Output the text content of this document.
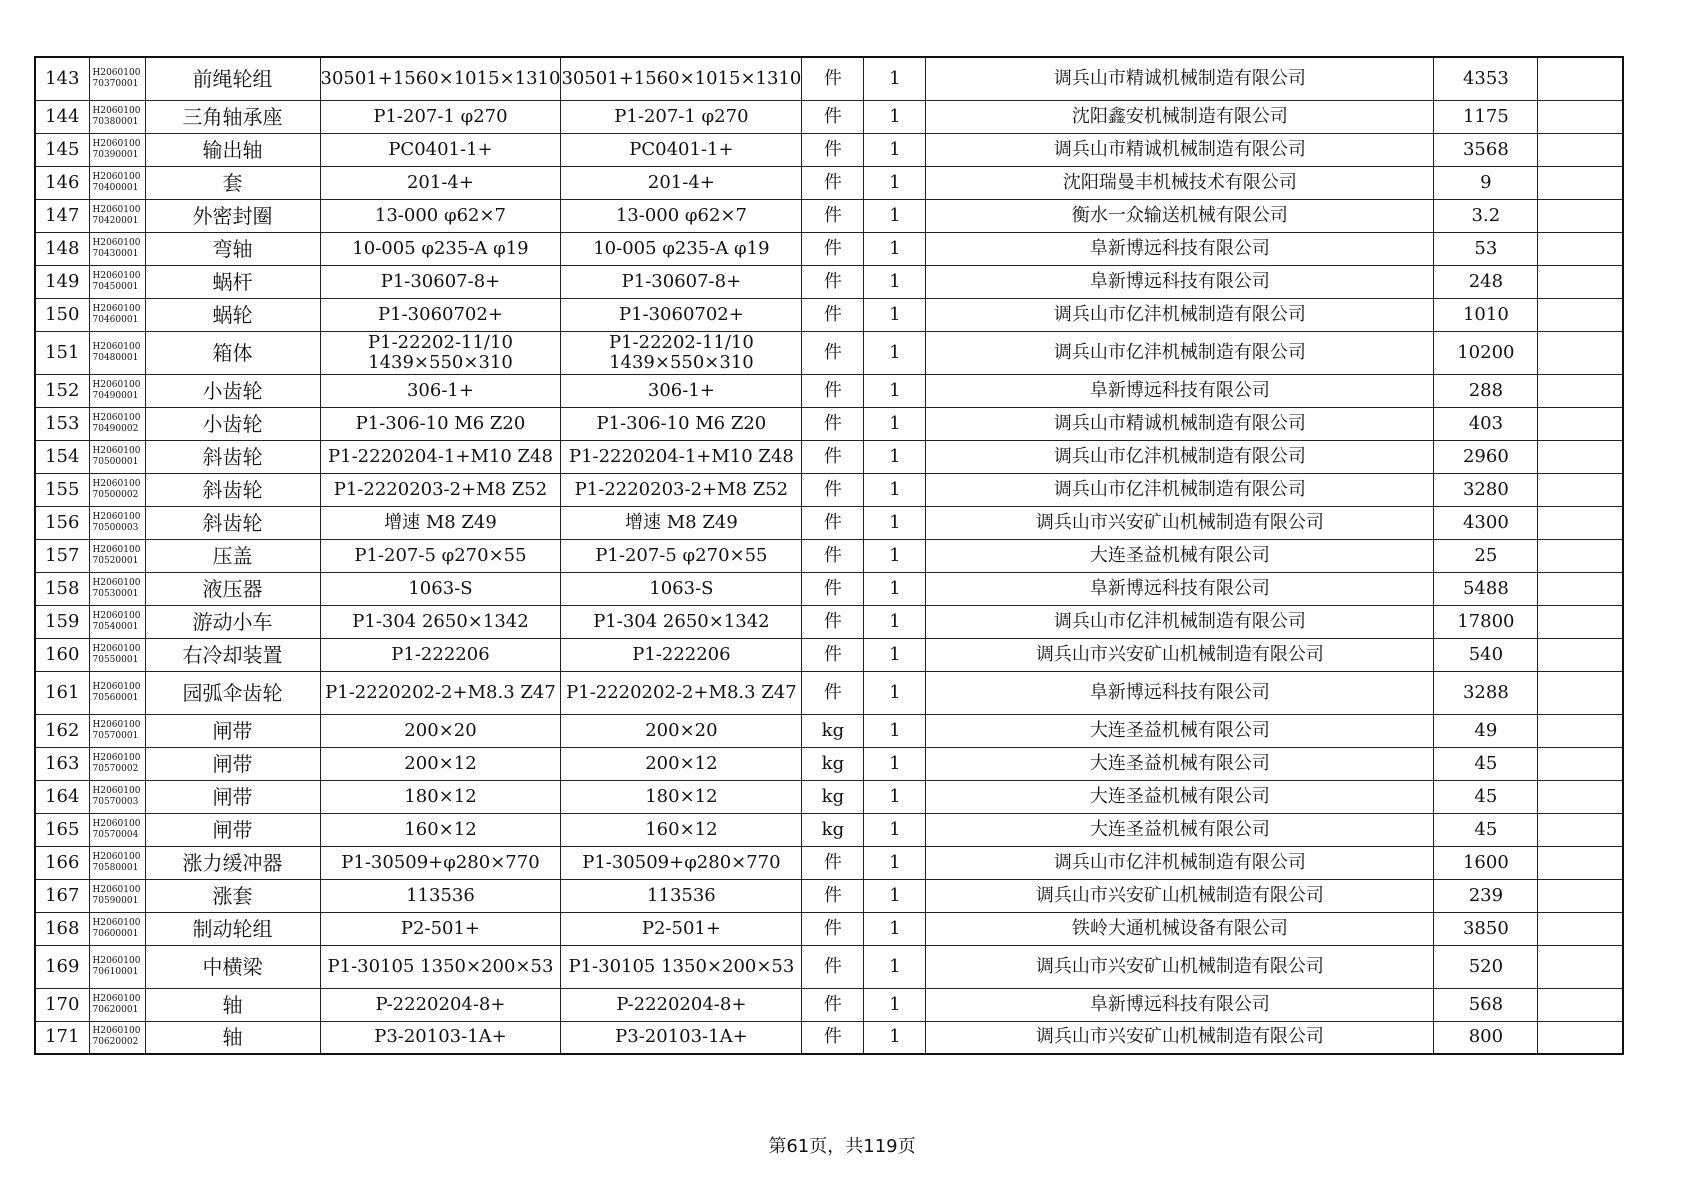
143	H2060100 70370001	前绳轮组	30501+1560×1015×1310	30501+1560×1015×1310	件	1	调兵山市精诚机械制造有限公司	4353	
144	H2060100 70380001	三角轴承座	P1-207-1 φ270	P1-207-1 φ270	件	1	沈阳鑫安机械制造有限公司	1175	
145	H2060100 70390001	输出轴	PC0401-1+	PC0401-1+	件	1	调兵山市精诚机械制造有限公司	3568	
146	H2060100 70400001	套	201-4+	201-4+	件	1	沈阳瑞曼丰机械技术有限公司	9	
147	H2060100 70420001	外密封圈	13-000 φ62×7	13-000 φ62×7	件	1	衡水一众输送机械有限公司	3.2	
148	H2060100 70430001	弯轴	10-005 φ235-A φ19	10-005 φ235-A φ19	件	1	阜新博远科技有限公司	53	
149	H2060100 70450001	蜗杆	P1-30607-8+	P1-30607-8+	件	1	阜新博远科技有限公司	248	
150	H2060100 70460001	蜗轮	P1-3060702+	P1-3060702+	件	1	调兵山市亿沣机械制造有限公司	1010	
151	H2060100 70480001	箱体	P1-22202-11/10 1439×550×310	P1-22202-11/10 1439×550×310	件	1	调兵山市亿沣机械制造有限公司	10200	
152	H2060100 70490001	小齿轮	306-1+	306-1+	件	1	阜新博远科技有限公司	288	
153	H2060100 70490002	小齿轮	P1-306-10 M6 Z20	P1-306-10 M6 Z20	件	1	调兵山市精诚机械制造有限公司	403	
154	H2060100 70500001	斜齿轮	P1-2220204-1+M10 Z48	P1-2220204-1+M10 Z48	件	1	调兵山市亿沣机械制造有限公司	2960	
155	H2060100 70500002	斜齿轮	P1-2220203-2+M8 Z52	P1-2220203-2+M8 Z52	件	1	调兵山市亿沣机械制造有限公司	3280	
156	H2060100 70500003	斜齿轮	增速 M8 Z49	增速 M8 Z49	件	1	调兵山市兴安矿山机械制造有限公司	4300	
157	H2060100 70520001	压盖	P1-207-5 φ270×55	P1-207-5 φ270×55	件	1	大连圣益机械有限公司	25	
158	H2060100 70530001	液压器	1063-S	1063-S	件	1	阜新博远科技有限公司	5488	
159	H2060100 70540001	游动小车	P1-304 2650×1342	P1-304 2650×1342	件	1	调兵山市亿沣机械制造有限公司	17800	
160	H2060100 70550001	右冷却装置	P1-222206	P1-222206	件	1	调兵山市兴安矿山机械制造有限公司	540	
161	H2060100 70560001	园弧伞齿轮	P1-2220202-2+M8.3 Z47	P1-2220202-2+M8.3 Z47	件	1	阜新博远科技有限公司	3288	
162	H2060100 70570001	闸带	200×20	200×20	kg	1	大连圣益机械有限公司	49	
163	H2060100 70570002	闸带	200×12	200×12	kg	1	大连圣益机械有限公司	45	
164	H2060100 70570003	闸带	180×12	180×12	kg	1	大连圣益机械有限公司	45	
165	H2060100 70570004	闸带	160×12	160×12	kg	1	大连圣益机械有限公司	45	
166	H2060100 70580001	涨力缓冲器	P1-30509+φ280×770	P1-30509+φ280×770	件	1	调兵山市亿沣机械制造有限公司	1600	
167	H2060100 70590001	涨套	113536	113536	件	1	调兵山市兴安矿山机械制造有限公司	239	
168	H2060100 70600001	制动轮组	P2-501+	P2-501+	件	1	铁岭大通机械设备有限公司	3850	
169	H2060100 70610001	中横梁	P1-30105 1350×200×53	P1-30105 1350×200×53	件	1	调兵山市兴安矿山机械制造有限公司	520	
170	H2060100 70620001	轴	P-2220204-8+	P-2220204-8+	件	1	阜新博远科技有限公司	568	
171	H2060100 70620002	轴	P3-20103-1A+	P3-20103-1A+	件	1	调兵山市兴安矿山机械制造有限公司	800	
第61页，共119页
